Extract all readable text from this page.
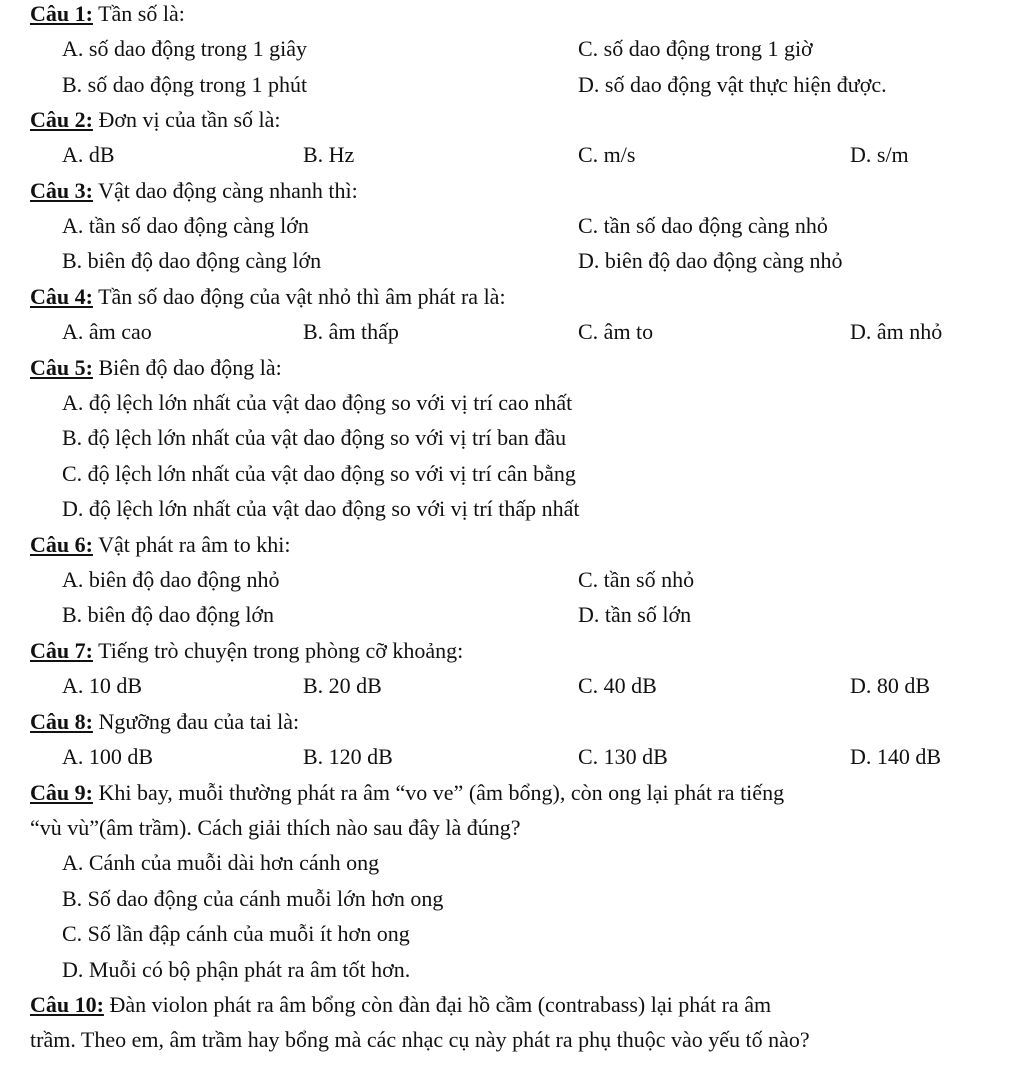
Câu 1: Tần số là:
A. số dao động trong 1 giây	C. số dao động trong 1 giờ
B. số dao động trong 1 phút	D. số dao động vật thực hiện được.
Câu 2: Đơn vị của tần số là:
A. dB	B. Hz	C. m/s	D. s/m
Câu 3: Vật dao động càng nhanh thì:
A. tần số dao động càng lớn	C. tần số dao động càng nhỏ
B. biên độ dao động càng lớn	D. biên độ dao động càng nhỏ
Câu 4: Tần số dao động của vật nhỏ thì âm phát ra là:
A. âm cao	B. âm thấp	C. âm to	D. âm nhỏ
Câu 5: Biên độ dao động là:
A. độ lệch lớn nhất của vật dao động so với vị trí cao nhất
B. độ lệch lớn nhất của vật dao động so với vị trí ban đầu
C. độ lệch lớn nhất của vật dao động so với vị trí cân bằng
D. độ lệch lớn nhất của vật dao động so với vị trí thấp nhất
Câu 6: Vật phát ra âm to khi:
A. biên độ dao động nhỏ	C. tần số nhỏ
B. biên độ dao động lớn	D. tần số lớn
Câu 7: Tiếng trò chuyện trong phòng cỡ khoảng:
A. 10 dB	B. 20 dB	C. 40 dB	D. 80 dB
Câu 8: Ngưỡng đau của tai là:
A. 100 dB	B. 120 dB	C. 130 dB	D. 140 dB
Câu 9: Khi bay, muỗi thường phát ra âm “vo ve” (âm bổng), còn ong lại phát ra tiếng
“vù vù”(âm trầm). Cách giải thích nào sau đây là đúng?
A. Cánh của muỗi dài hơn cánh ong
B. Số dao động của cánh muỗi lớn hơn ong
C. Số lần đập cánh của muỗi ít hơn ong
D. Muỗi có bộ phận phát ra âm tốt hơn.
Câu 10: Đàn violon phát ra âm bổng còn đàn đại hồ cầm (contrabass) lại phát ra âm
trầm. Theo em, âm trầm hay bổng mà các nhạc cụ này phát ra phụ thuộc vào yếu tố nào?
